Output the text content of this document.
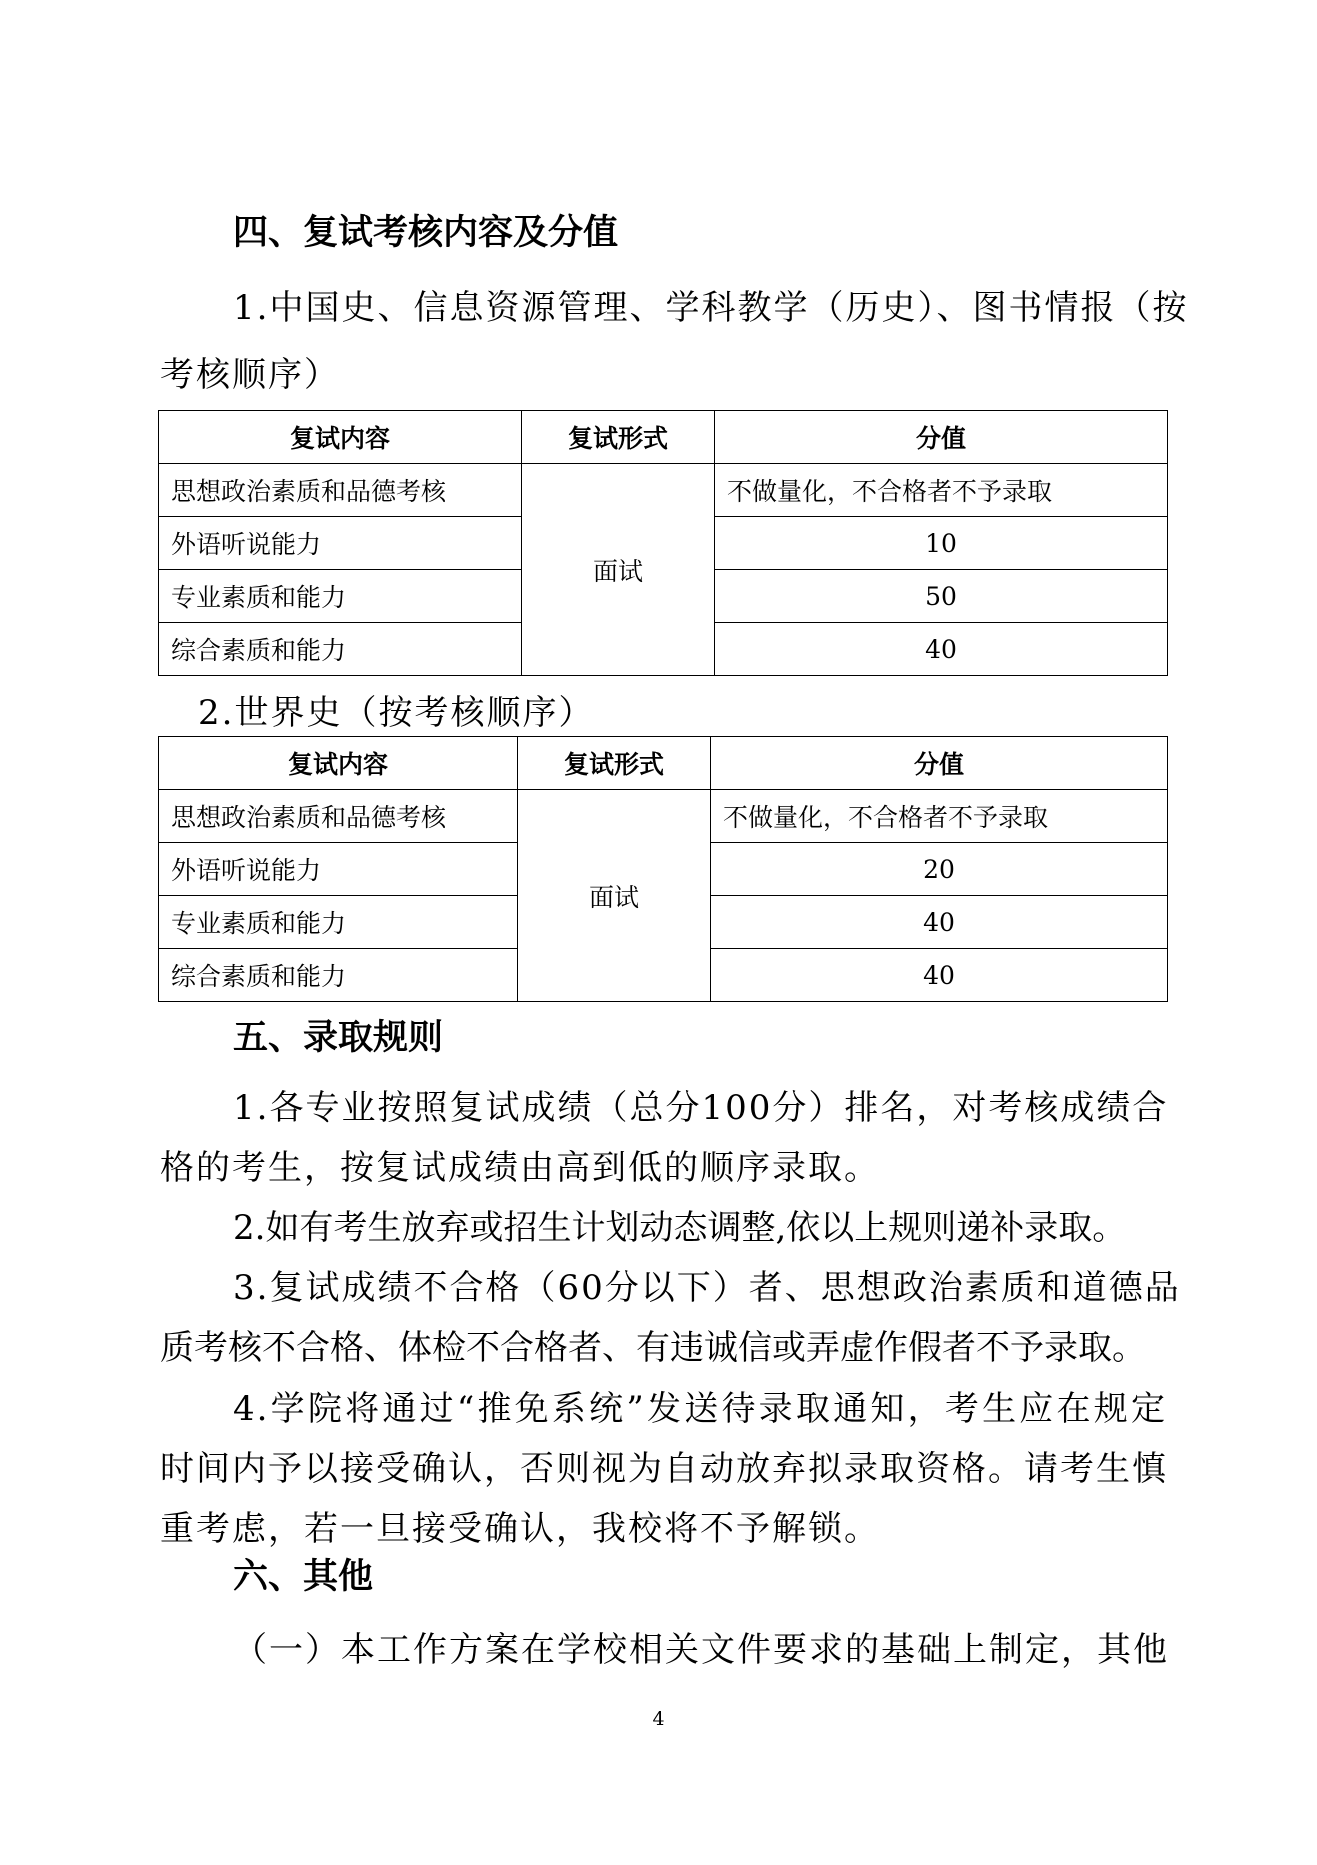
四、复试考核内容及分值
1.中国史、信息资源管理、学科教学（历史）、图书情报（按
考核顺序）
复试内容	复试形式	分值
思想政治素质和品德考核	面试	不做量化，不合格者不予录取
外语听说能力		10
专业素质和能力		50
综合素质和能力		40
2.世界史（按考核顺序）
复试内容	复试形式	分值
思想政治素质和品德考核	面试	不做量化，不合格者不予录取
外语听说能力		20
专业素质和能力		40
综合素质和能力		40
五、录取规则
1.各专业按照复试成绩（总分100分）排名，对考核成绩合
格的考生，按复试成绩由高到低的顺序录取。
2.如有考生放弃或招生计划动态调整,依以上规则递补录取。
3.复试成绩不合格（60分以下）者、思想政治素质和道德品
质考核不合格、体检不合格者、有违诚信或弄虚作假者不予录取。
4.学院将通过“推免系统”发送待录取通知，考生应在规定
时间内予以接受确认，否则视为自动放弃拟录取资格。请考生慎
重考虑，若一旦接受确认，我校将不予解锁。
六、其他
（一）本工作方案在学校相关文件要求的基础上制定，其他
4
